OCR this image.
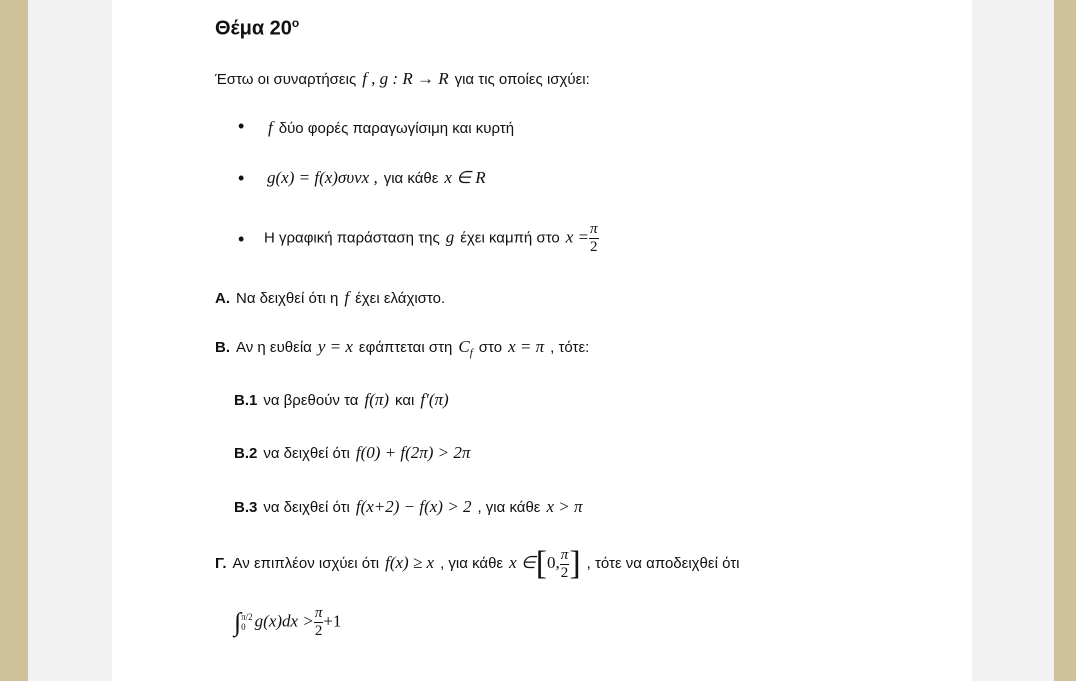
Θέμα $20^o$
Έστω οι συναρτήσεις f , g : R → R για τις οποίες ισχύει:
• f δύο φορές παραγωγίσιμη και κυρτή
• g(x) = f(x)συνx , για κάθε x ∈ R
• Η γραφική παράσταση της g έχει καμπή στο $x = \frac{\pi}{2}$
Α. Να δειχθεί ότι η f έχει ελάχιστο.
Β. Αν η ευθεία y = x εφάπτεται στη $C_f$ στο x = π , τότε:
Β.1 να βρεθούν τα f(π) και f′(π)
Β.2 να δειχθεί ότι f(0) + f(2π) > 2π
Β.3 να δειχθεί ότι f(x+2) − f(x) > 2 , για κάθε x > π
Γ. Αν επιπλέον ισχύει ότι f(x) ≥ x , για κάθε x ∈[0, $\frac{\pi}{2}$ ] , τότε να αποδειχθεί ότι
∫ π/2
0 $g(x)dx > \frac{\pi}{2} +1$
